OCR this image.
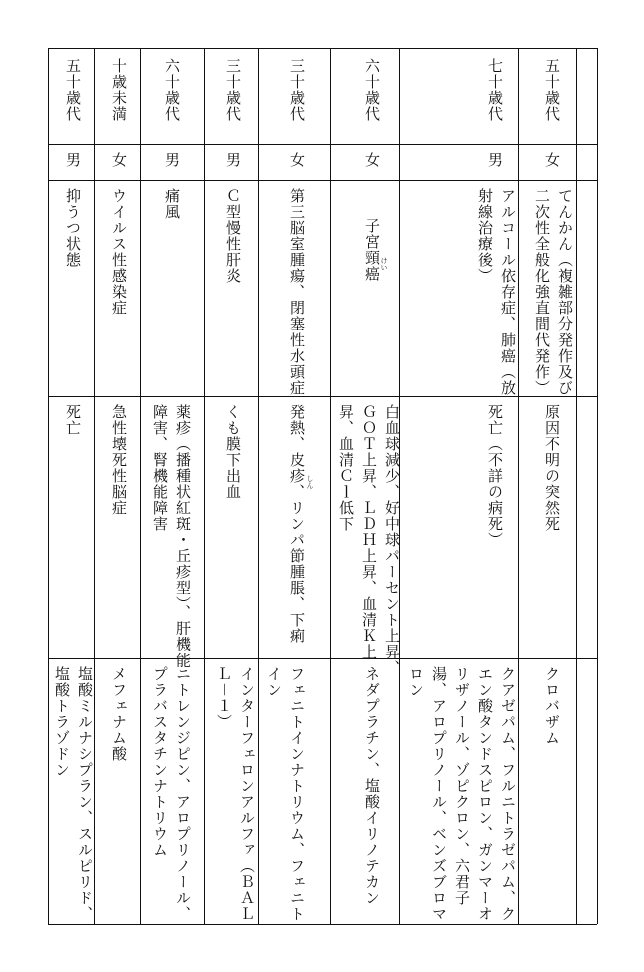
五十歳代
女
てんかん（複雑部分発作及び
二次性全般化強直間代発作）
原因不明の突然死
クロバザム
七十歳代
男
アルコール依存症、肺癌（放
射線治療後）
死亡（不詳の病死）
クアゼパム、フルニトラゼパム、ク
エン酸タンドスピロン、ガンマーオ
リザノール、ゾピクロン、六君子
湯、アロプリノール、ベンズブロマ
ロン
六十歳代
女
子宮頸癌 けい
白血球減少、好中球パーセント上昇、
ＧＯＴ上昇、ＬＤＨ上昇、血清Ｋ上
昇、血清Ｃｌ低下
ネダプラチン、塩酸イリノテカン
三十歳代
女
第三脳室腫瘍、閉塞性水頭症
発熱、皮疹、リンパ節腫脹、下痢 しん
フェニトインナトリウム、フェニト
イン
三十歳代
男
Ｃ型慢性肝炎
くも膜下出血
インターフェロンアルファ（ＢＡＬ
Ｌ－１）
六十歳代
男
痛風
薬疹（播種状紅斑・丘疹型）、肝機能
障害、腎機能障害
ニトレンジピン、アロプリノール、
プラバスタチンナトリウム
十歳未満
女
ウイルス性感染症
急性壊死性脳症
メフェナム酸
五十歳代
男
抑うつ状態
死亡
塩酸ミルナシプラン、スルピリド、
塩酸トラゾドン
